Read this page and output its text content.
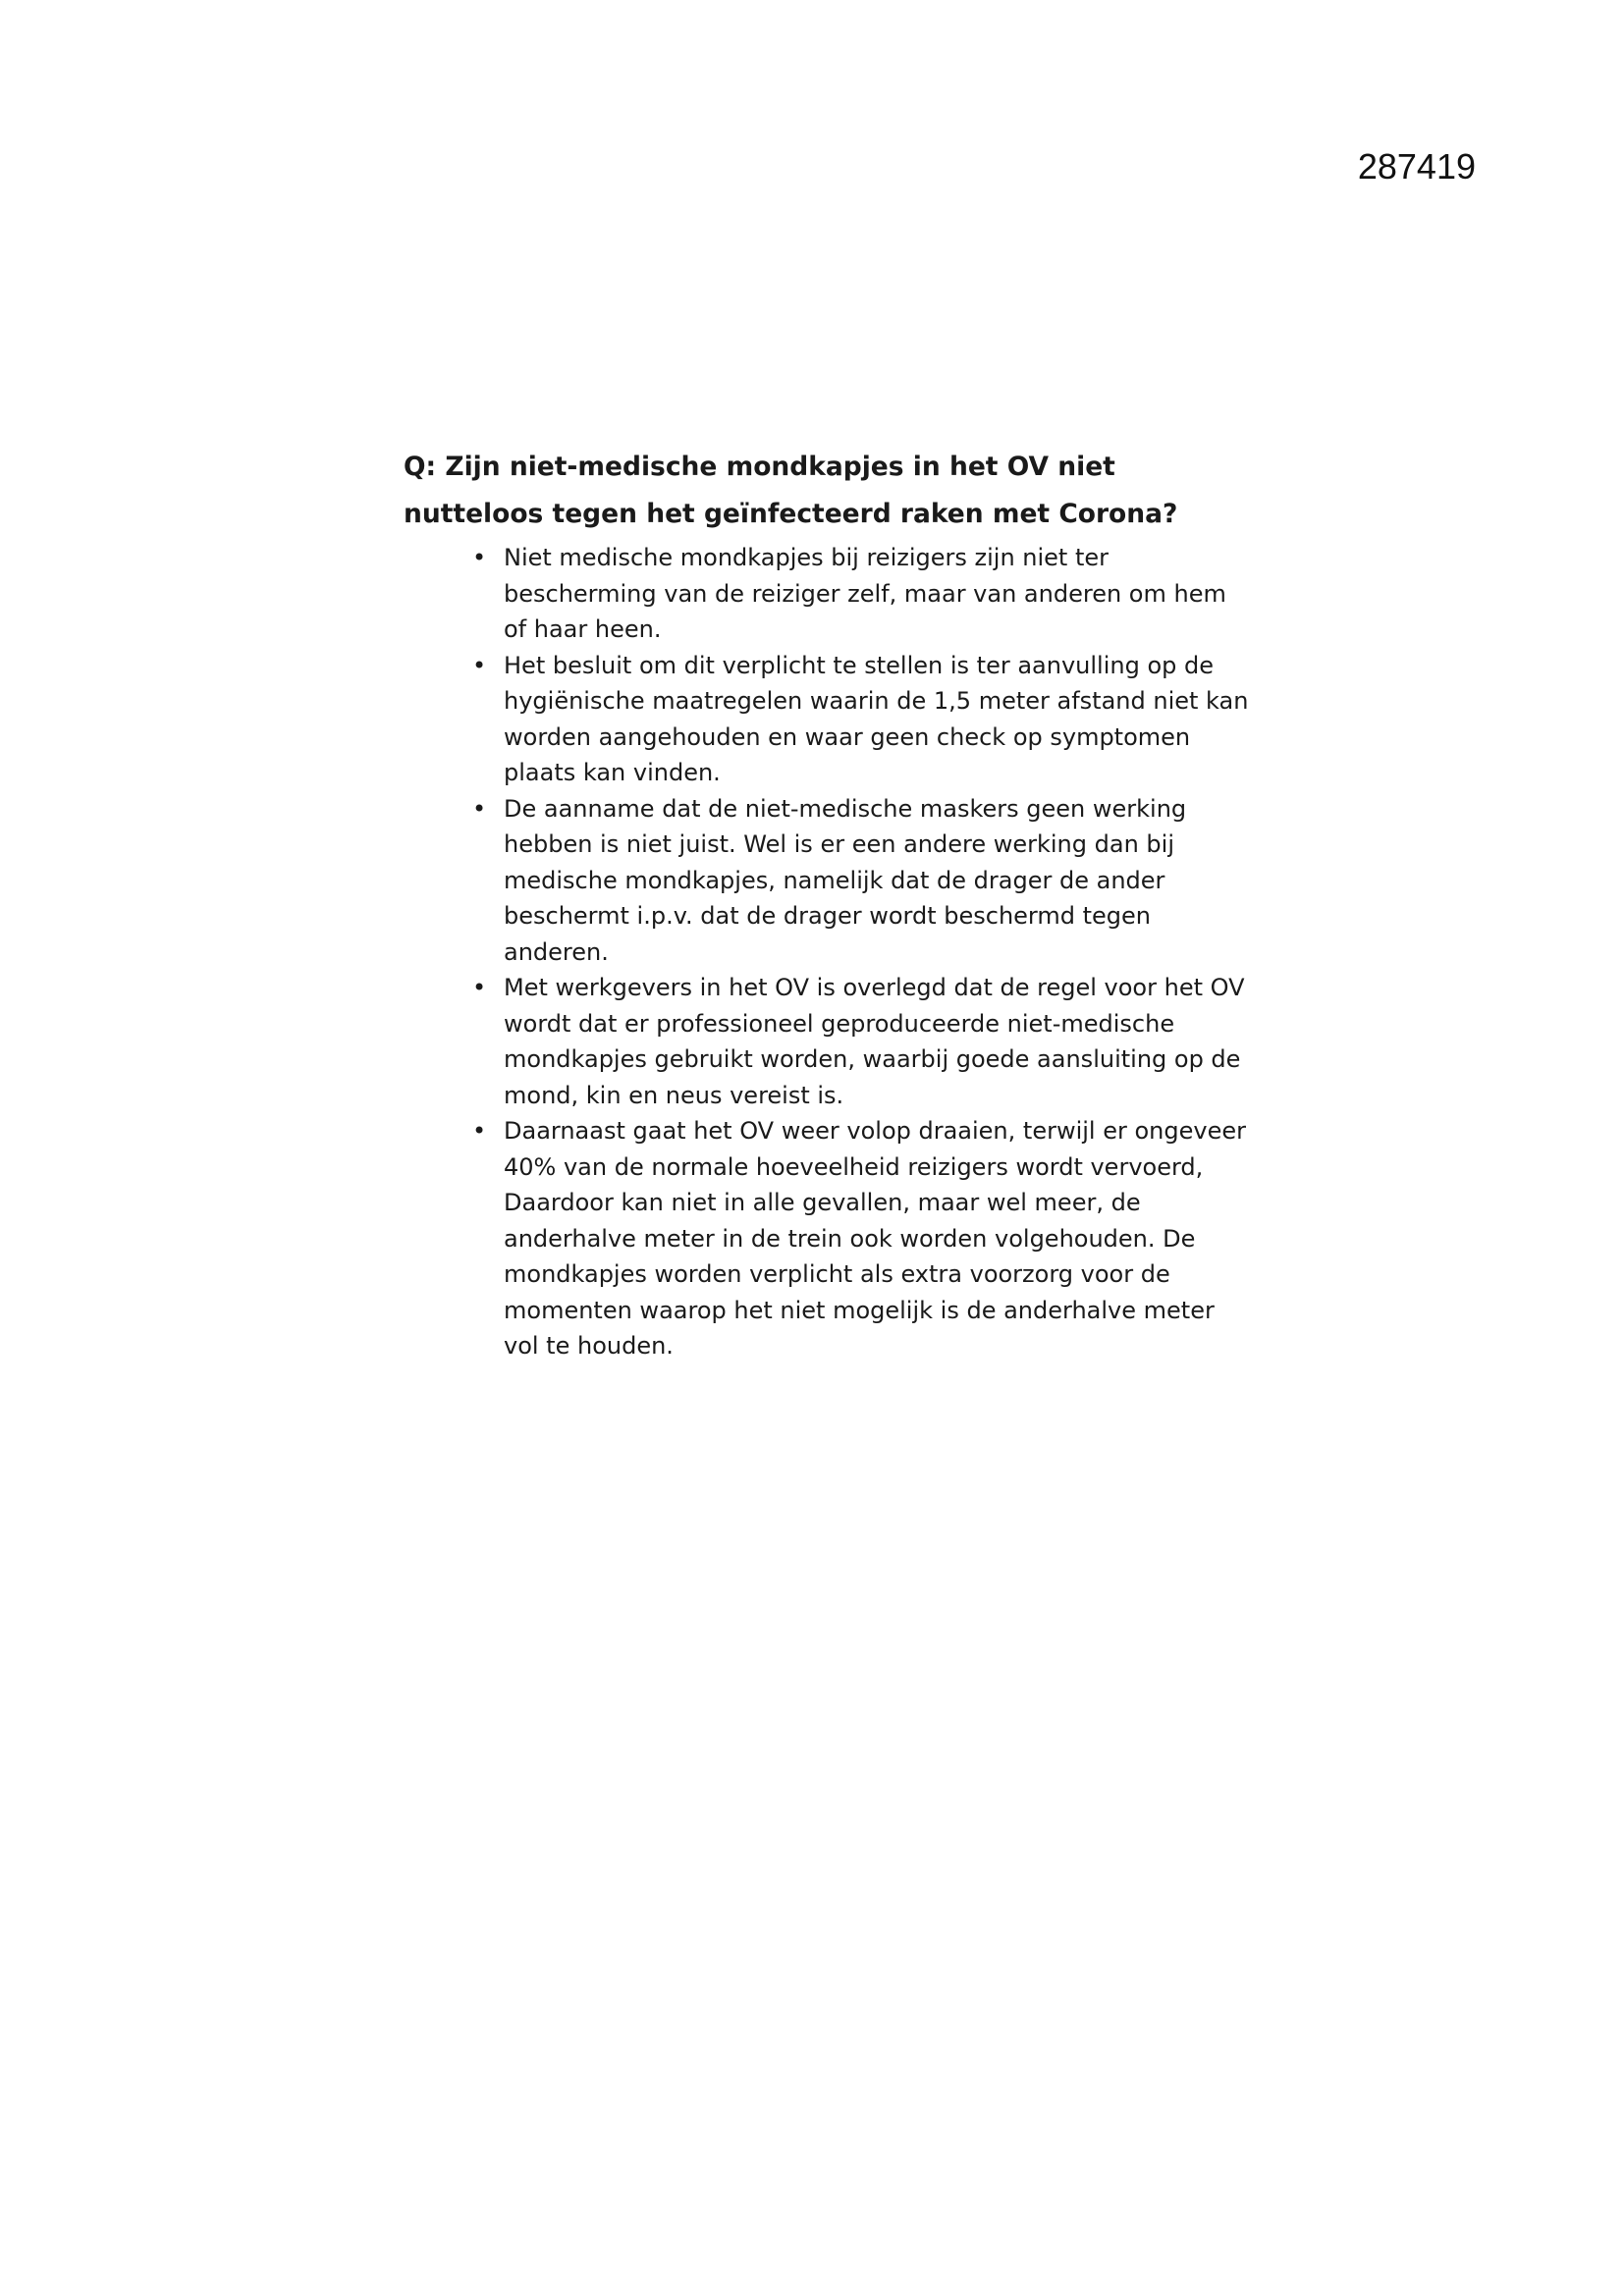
287419

Q: Zijn niet-medische mondkapjes in het OV niet nutteloos tegen het geïnfecteerd raken met Corona?

• Niet medische mondkapjes bij reizigers zijn niet ter bescherming van de reiziger zelf, maar van anderen om hem of haar heen.
• Het besluit om dit verplicht te stellen is ter aanvulling op de hygiënische maatregelen waarin de 1,5 meter afstand niet kan worden aangehouden en waar geen check op symptomen plaats kan vinden.
• De aanname dat de niet-medische maskers geen werking hebben is niet juist. Wel is er een andere werking dan bij medische mondkapjes, namelijk dat de drager de ander beschermt i.p.v. dat de drager wordt beschermd tegen anderen.
• Met werkgevers in het OV is overlegd dat de regel voor het OV wordt dat er professioneel geproduceerde niet-medische mondkapjes gebruikt worden, waarbij goede aansluiting op de mond, kin en neus vereist is.
• Daarnaast gaat het OV weer volop draaien, terwijl er ongeveer 40% van de normale hoeveelheid reizigers wordt vervoerd, Daardoor kan niet in alle gevallen, maar wel meer, de anderhalve meter in de trein ook worden volgehouden. De mondkapjes worden verplicht als extra voorzorg voor de momenten waarop het niet mogelijk is de anderhalve meter vol te houden.
